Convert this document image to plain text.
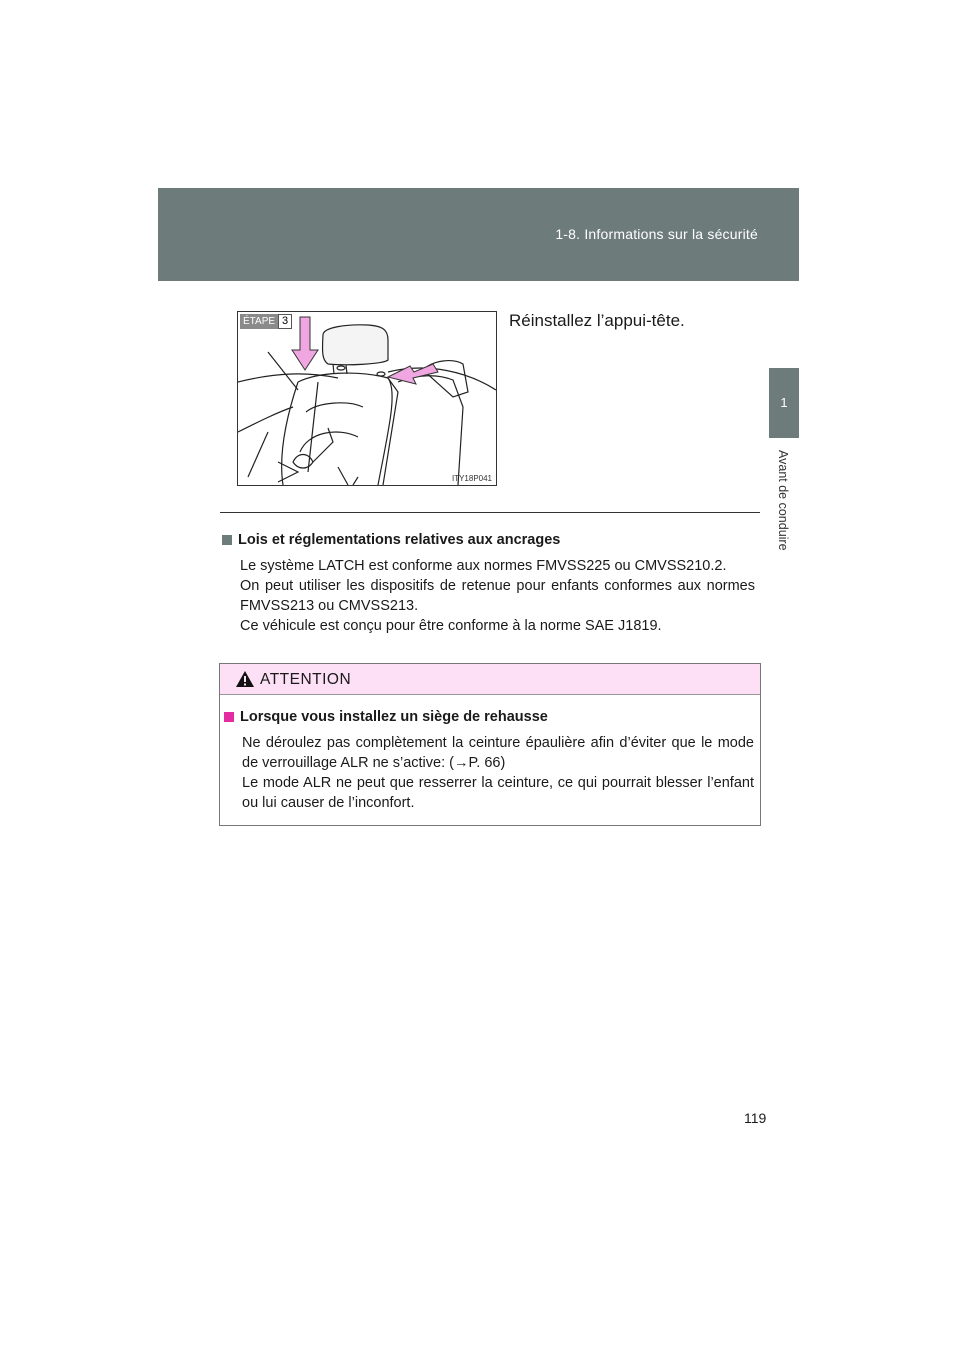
1-8. Informations sur la sécurité
1
Avant de conduire
ÉTAPE 3
ITY18P041
Réinstallez l’appui-tête.
Lois et réglementations relatives aux ancrages

Le système LATCH est conforme aux normes FMVSS225 ou CMVSS210.2.

On peut utiliser les dispositifs de retenue pour enfants conformes aux normes FMVSS213 ou CMVSS213.

Ce véhicule est conçu pour être conforme à la norme SAE J1819.

ATTENTION
Lorsque vous installez un siège de rehausse

Ne déroulez pas complètement la ceinture épaulière afin d’éviter que le mode de verrouillage ALR ne s’active: (→P. 66)

Le mode ALR ne peut que resserrer la ceinture, ce qui pourrait blesser l’enfant ou lui causer de l’inconfort.

119
